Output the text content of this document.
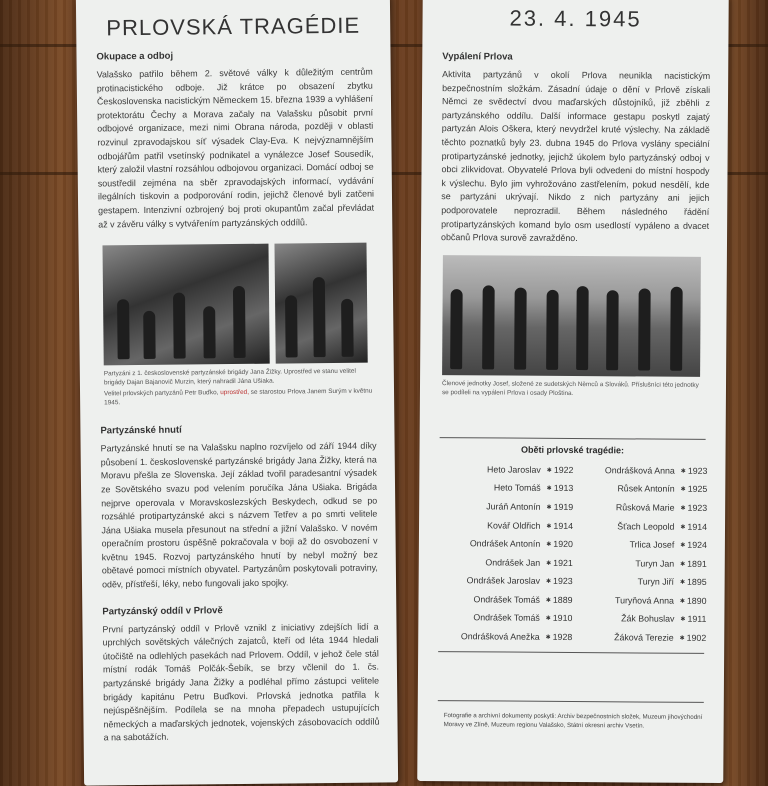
PRLOVSKÁ TRAGÉDIE
Okupace a odboj
Valašsko patřilo během 2. světové války k důležitým centrům protinacistického odboje. Již krátce po obsazení zbytku Československa nacistickým Německem 15. března 1939 a vyhlášení protektorátu Čechy a Morava začaly na Valašsku působit první odbojové organizace, mezi nimi Obrana národa, později v oblasti rozvinul zpravodajskou síť výsadek Clay-Eva. K nejvýznamnějším odbojářům patřil vsetínský podnikatel a vynálezce Josef Sousedík, který založil vlastní rozsáhlou odbojovou organizaci. Domácí odboj se soustředil zejména na sběr zpravodajských informací, vydávání ilegálních tiskovin a podporování rodin, jejichž členové byli zatčeni gestapem. Intenzivní ozbrojený boj proti okupantům začal převládat až v závěru války s vytvářením partyzánských oddílů.
Partyzáni z 1. československé partyzánské brigády Jana Žižky. Uprostřed ve stanu velitel brigády Dajan Bajanovič Murzin, který nahradil Jána Ušiaka.
Velitel prlovských partyzánů Petr Buďko, uprostřed, se starostou Prlova Janem Surým v květnu 1945.
Partyzánské hnutí
Partyzánské hnutí se na Valašsku naplno rozvíjelo od září 1944 díky působení 1. československé partyzánské brigády Jana Žižky, která na Moravu přešla ze Slovenska. Její základ tvořil paradesantní výsadek ze Sovětského svazu pod velením poručíka Jána Ušiaka. Brigáda nejprve operovala v Moravskoslezských Beskydech, odkud se po rozsáhlé protipartyzánské akci s názvem Tetřev a po smrti velitele Jána Ušiaka musela přesunout na střední a jižní Valašsko. V novém operačním prostoru úspěšně pokračovala v boji až do osvobození v květnu 1945. Rozvoj partyzánského hnutí by nebyl možný bez obětavé pomoci místních obyvatel. Partyzánům poskytovali potraviny, oděv, přístřeší, léky, nebo fungovali jako spojky.
Partyzánský oddíl v Prlově
První partyzánský oddíl v Prlově vznikl z iniciativy zdejších lidí a uprchlých sovětských válečných zajatců, kteří od léta 1944 hledali útočiště na odlehlých pasekách nad Prlovem. Oddíl, v jehož čele stál místní rodák Tomáš Polčák-Šebík, se brzy včlenil do 1. čs. partyzánské brigády Jana Žižky a podléhal přímo zástupci velitele brigády kapitánu Petru Buďkovi. Prlovská jednotka patřila k nejúspěšnějším. Podílela se na mnoha přepadech ustupujících německých a maďarských jednotek, vojenských zásobovacích oddílů a na sabotážích.
23. 4. 1945
Vypálení Prlova
Aktivita partyzánů v okolí Prlova neunikla nacistickým bezpečnostním složkám. Zásadní údaje o dění v Prlově získali Němci ze svědectví dvou maďarských důstojníků, již zběhli z partyzánského oddílu. Další informace gestapu poskytl zajatý partyzán Alois Oškera, který nevydržel kruté výslechy. Na základě těchto poznatků byly 23. dubna 1945 do Prlova vyslány speciální protipartyzánské jednotky, jejichž úkolem bylo partyzánský odboj v obci zlikvidovat. Obyvatelé Prlova byli odvedeni do místní hospody k výslechu. Bylo jim vyhrožováno zastřelením, pokud nesdělí, kde se partyzáni ukrývají. Nikdo z nich partyzány ani jejich podporovatele neprozradil. Během následného řádění protipartyzánských komand bylo osm usedlostí vypáleno a dvacet občanů Prlova surově zavražděno.
Členové jednotky Josef, složené ze sudetských Němců a Slováků. Příslušníci této jednotky se podíleli na vypálení Prlova i osady Ploština.
Oběti prlovské tragédie:
Heto Jaroslav	✱ 1922	Ondrášková Anna	✱ 1923
Heto Tomáš	✱ 1913	Růsek Antonín	✱ 1925
Juráň Antonín	✱ 1919	Růsková Marie	✱ 1923
Kovář Oldřich	✱ 1914	Šťach Leopold	✱ 1914
Ondrášek Antonín	✱ 1920	Trlica Josef	✱ 1924
Ondrášek Jan	✱ 1921	Turyn Jan	✱ 1891
Ondrášek Jaroslav	✱ 1923	Turyn Jiří	✱ 1895
Ondrášek Tomáš	✱ 1889	Turyňová Anna	✱ 1890
Ondrášek Tomáš	✱ 1910	Žák Bohuslav	✱ 1911
Ondrášková Anežka	✱ 1928	Žáková Terezie	✱ 1902
Fotografie a archivní dokumenty poskytli: Archiv bezpečnostních složek, Muzeum jihovýchodní Moravy ve Zlíně, Muzeum regionu Valašsko, Státní okresní archiv Vsetín.
